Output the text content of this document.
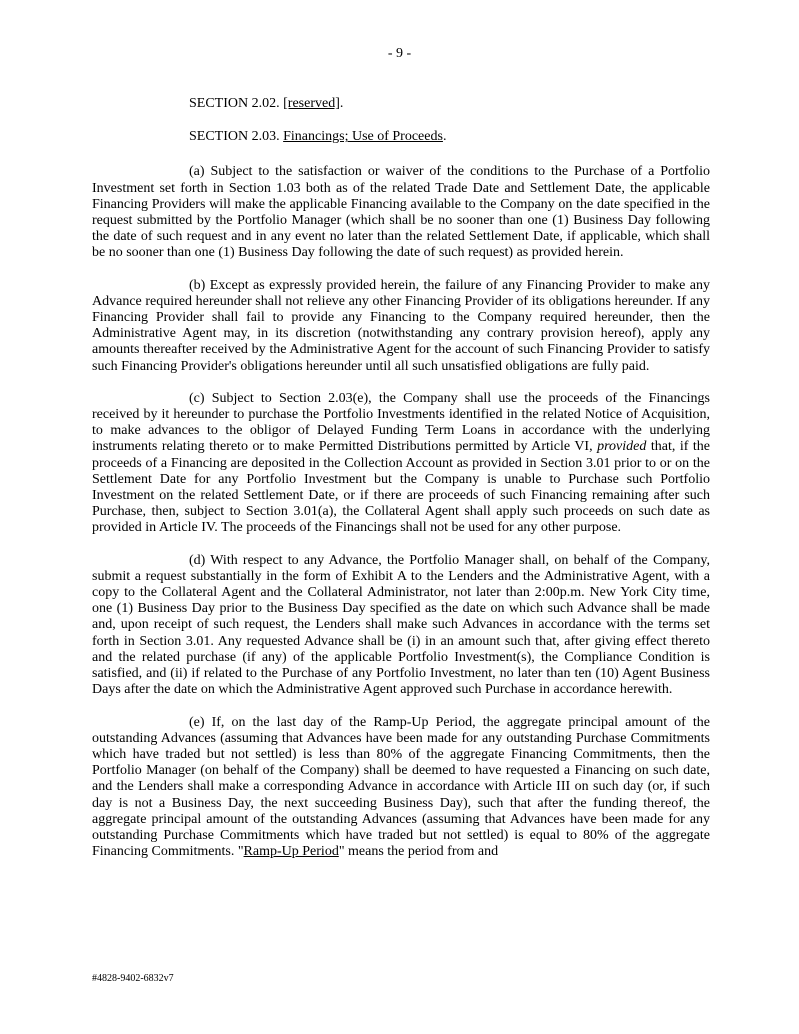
- 9 -

SECTION 2.02. [reserved].

SECTION 2.03. Financings; Use of Proceeds.

(a) Subject to the satisfaction or waiver of the conditions to the Purchase of a Portfolio Investment set forth in Section 1.03 both as of the related Trade Date and Settlement Date, the applicable Financing Providers will make the applicable Financing available to the Company on the date specified in the request submitted by the Portfolio Manager (which shall be no sooner than one (1) Business Day following the date of such request and in any event no later than the related Settlement Date, if applicable, which shall be no sooner than one (1) Business Day following the date of such request) as provided herein.

(b) Except as expressly provided herein, the failure of any Financing Provider to make any Advance required hereunder shall not relieve any other Financing Provider of its obligations hereunder. If any Financing Provider shall fail to provide any Financing to the Company required hereunder, then the Administrative Agent may, in its discretion (notwithstanding any contrary provision hereof), apply any amounts thereafter received by the Administrative Agent for the account of such Financing Provider to satisfy such Financing Provider's obligations hereunder until all such unsatisfied obligations are fully paid.

(c) Subject to Section 2.03(e), the Company shall use the proceeds of the Financings received by it hereunder to purchase the Portfolio Investments identified in the related Notice of Acquisition, to make advances to the obligor of Delayed Funding Term Loans in accordance with the underlying instruments relating thereto or to make Permitted Distributions permitted by Article VI, provided that, if the proceeds of a Financing are deposited in the Collection Account as provided in Section 3.01 prior to or on the Settlement Date for any Portfolio Investment but the Company is unable to Purchase such Portfolio Investment on the related Settlement Date, or if there are proceeds of such Financing remaining after such Purchase, then, subject to Section 3.01(a), the Collateral Agent shall apply such proceeds on such date as provided in Article IV. The proceeds of the Financings shall not be used for any other purpose.

(d) With respect to any Advance, the Portfolio Manager shall, on behalf of the Company, submit a request substantially in the form of Exhibit A to the Lenders and the Administrative Agent, with a copy to the Collateral Agent and the Collateral Administrator, not later than 2:00p.m. New York City time, one (1) Business Day prior to the Business Day specified as the date on which such Advance shall be made and, upon receipt of such request, the Lenders shall make such Advances in accordance with the terms set forth in Section 3.01. Any requested Advance shall be (i) in an amount such that, after giving effect thereto and the related purchase (if any) of the applicable Portfolio Investment(s), the Compliance Condition is satisfied, and (ii) if related to the Purchase of any Portfolio Investment, no later than ten (10) Agent Business Days after the date on which the Administrative Agent approved such Purchase in accordance herewith.

(e) If, on the last day of the Ramp-Up Period, the aggregate principal amount of the outstanding Advances (assuming that Advances have been made for any outstanding Purchase Commitments which have traded but not settled) is less than 80% of the aggregate Financing Commitments, then the Portfolio Manager (on behalf of the Company) shall be deemed to have requested a Financing on such date, and the Lenders shall make a corresponding Advance in accordance with Article III on such day (or, if such day is not a Business Day, the next succeeding Business Day), such that after the funding thereof, the aggregate principal amount of the outstanding Advances (assuming that Advances have been made for any outstanding Purchase Commitments which have traded but not settled) is equal to 80% of the aggregate Financing Commitments. "Ramp-Up Period" means the period from and

#4828-9402-6832v7
